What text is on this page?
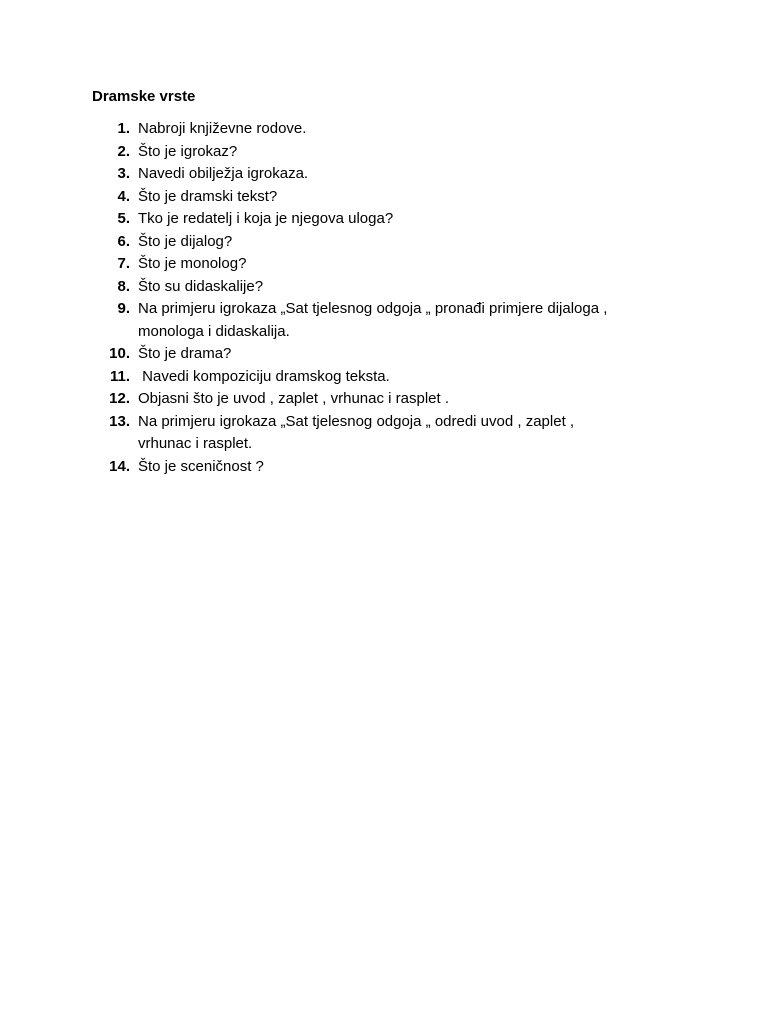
Dramske vrste
1. Nabroji književne rodove.
2. Što je igrokaz?
3. Navedi obilježja igrokaza.
4. Što je dramski tekst?
5. Tko je redatelj i koja je njegova uloga?
6. Što je dijalog?
7. Što je monolog?
8. Što su didaskalije?
9. Na primjeru igrokaza „Sat tjelesnog odgoja „ pronađi primjere dijaloga ,
monologa i didaskalija.
10. Što je drama?
11. Navedi kompoziciju dramskog teksta.
12. Objasni što je uvod , zaplet , vrhunac i rasplet .
13. Na primjeru igrokaza „Sat tjelesnog odgoja „ odredi uvod , zaplet ,
vrhunac i rasplet.
14. Što je sceničnost ?
